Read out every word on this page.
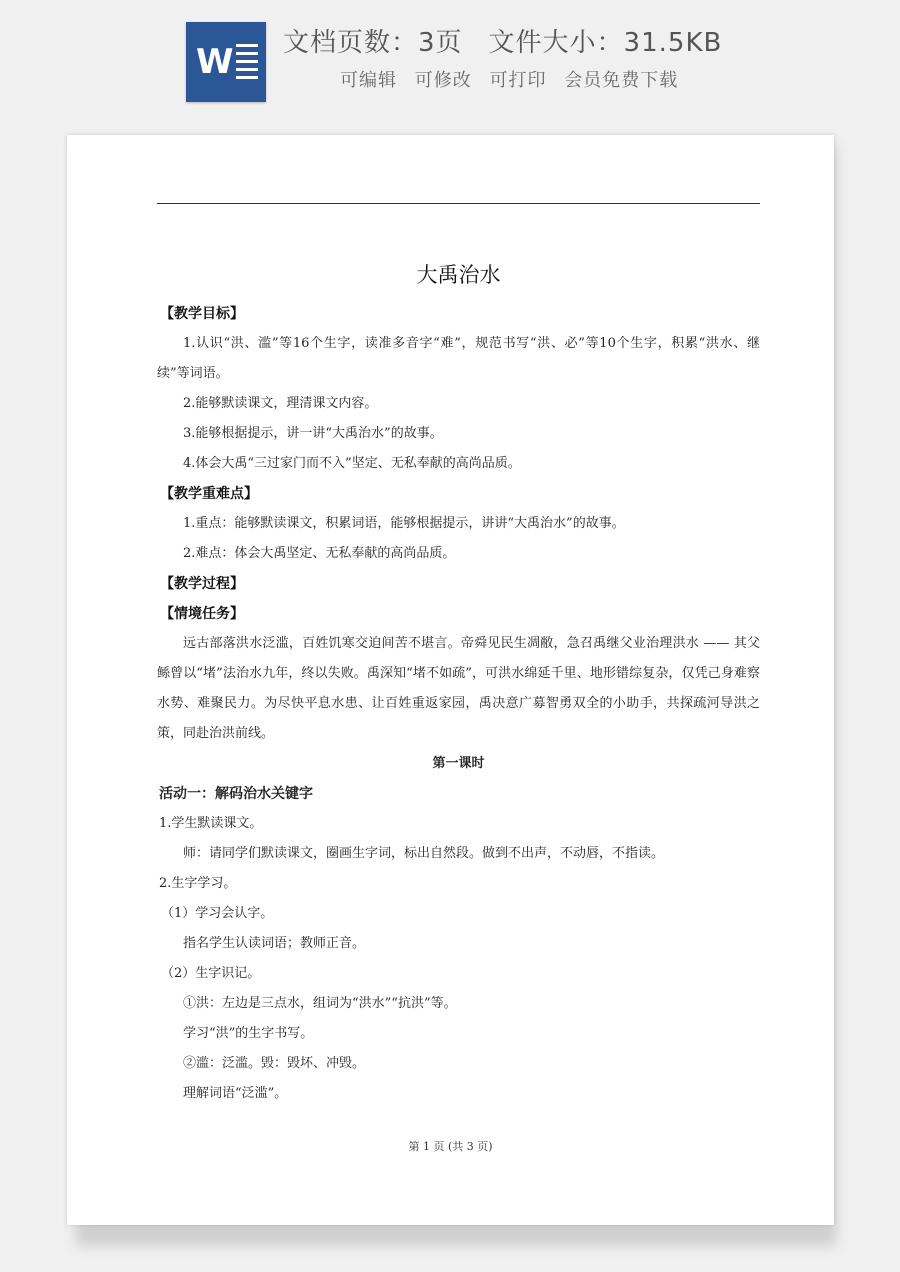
W 文档页数：3页 文件大小：31.5KB
可编辑 可修改 可打印 会员免费下载
大禹治水
【教学目标】

1.认识“洪、滥”等16个生字，读准多音字“难”，规范书写“洪、必”等10个生字，积累“洪水、继续”等词语。

2.能够默读课文，理清课文内容。

3.能够根据提示，讲一讲“大禹治水”的故事。

4.体会大禹“三过家门而不入”坚定、无私奉献的高尚品质。

【教学重难点】

1.重点：能够默读课文，积累词语，能够根据提示，讲讲“大禹治水”的故事。

2.难点：体会大禹坚定、无私奉献的高尚品质。

【教学过程】
【情境任务】

远古部落洪水泛滥，百姓饥寒交迫间苦不堪言。帝舜见民生凋敝，急召禹继父业治理洪水 —— 其父鲧曾以“堵”法治水九年，终以失败。禹深知“堵不如疏”，可洪水绵延千里、地形错综复杂，仅凭己身难察水势、难聚民力。为尽快平息水患、让百姓重返家园，禹决意广募智勇双全的小助手，共探疏河导洪之策，同赴治洪前线。

第一课时
活动一：解码治水关键字

1.学生默读课文。

师：请同学们默读课文，圈画生字词，标出自然段。做到不出声，不动唇，不指读。

2.生字学习。

（1）学习会认字。

指名学生认读词语；教师正音。

（2）生字识记。

①洪：左边是三点水，组词为“洪水”“抗洪”等。

学习“洪”的生字书写。

②滥：泛滥。毁：毁坏、冲毁。

理解词语“泛滥”。

第 1 页 (共 3 页)
